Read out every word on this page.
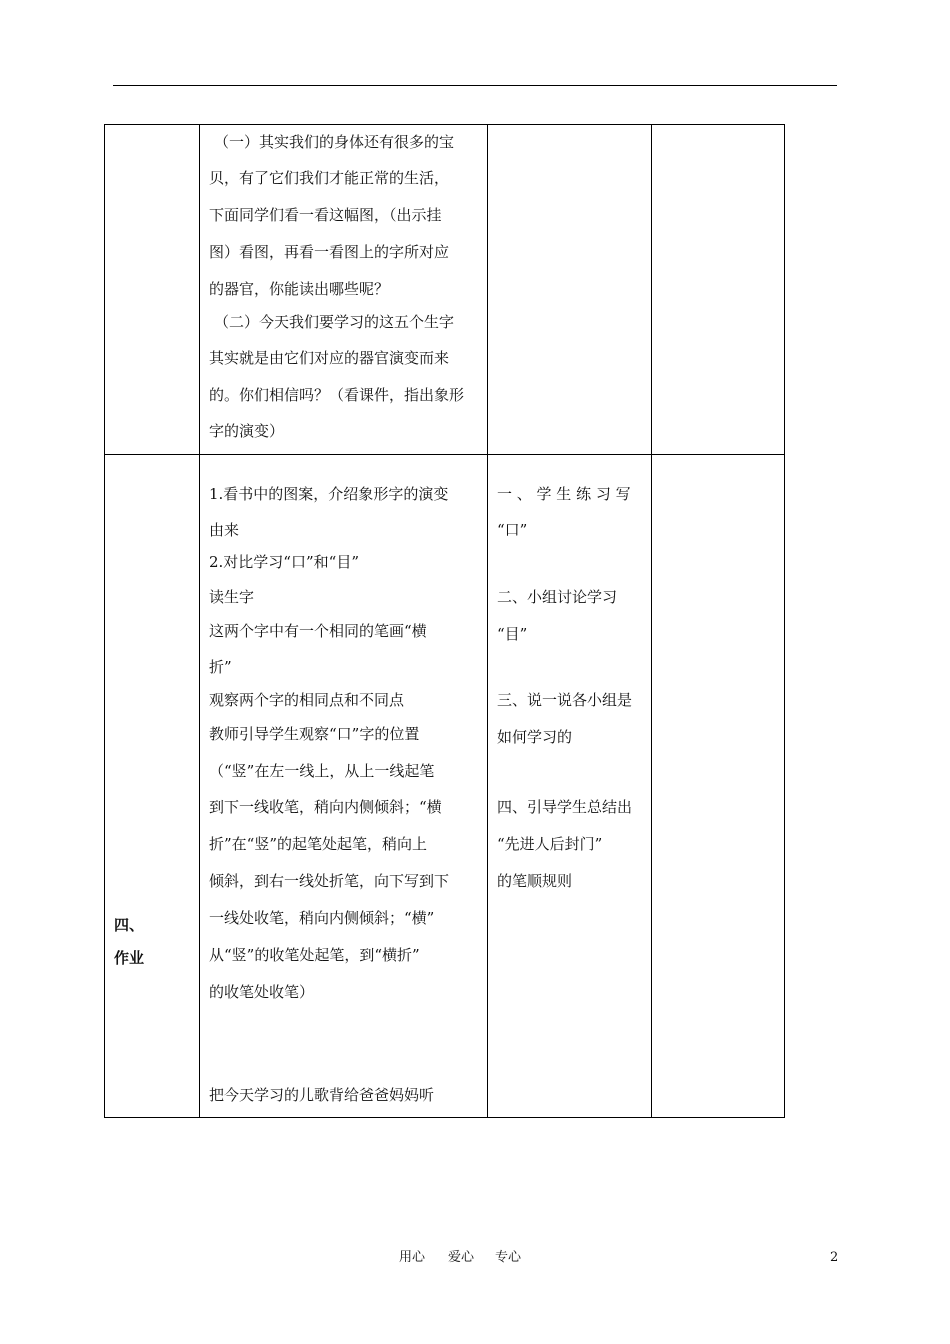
（一）其实我们的身体还有很多的宝

贝，有了它们我们才能正常的生活，

下面同学们看一看这幅图，（出示挂

图）看图，再看一看图上的字所对应

的器官，你能读出哪些呢？

（二）今天我们要学习的这五个生字

其实就是由它们对应的器官演变而来

的。你们相信吗？（看课件，指出象形

字的演变）

四、

作业

1.看书中的图案，介绍象形字的演变

由来

2.对比学习“口”和“目”

读生字

这两个字中有一个相同的笔画“横

折”

观察两个字的相同点和不同点

教师引导学生观察“口”字的位置

（“竖”在左一线上，从上一线起笔

到下一线收笔，稍向内侧倾斜；“横

折”在“竖”的起笔处起笔，稍向上

倾斜，到右一线处折笔，向下写到下

一线处收笔，稍向内侧倾斜；“横”

从“竖”的收笔处起笔，到“横折”

的收笔处收笔）

把今天学习的儿歌背给爸爸妈妈听

一 、 学 生 练 习 写

“口”

二、小组讨论学习

“目”

三、说一说各小组是

如何学习的

四、引导学生总结出

“先进人后封门”

的笔顺规则

用心 爱心 专心	2
